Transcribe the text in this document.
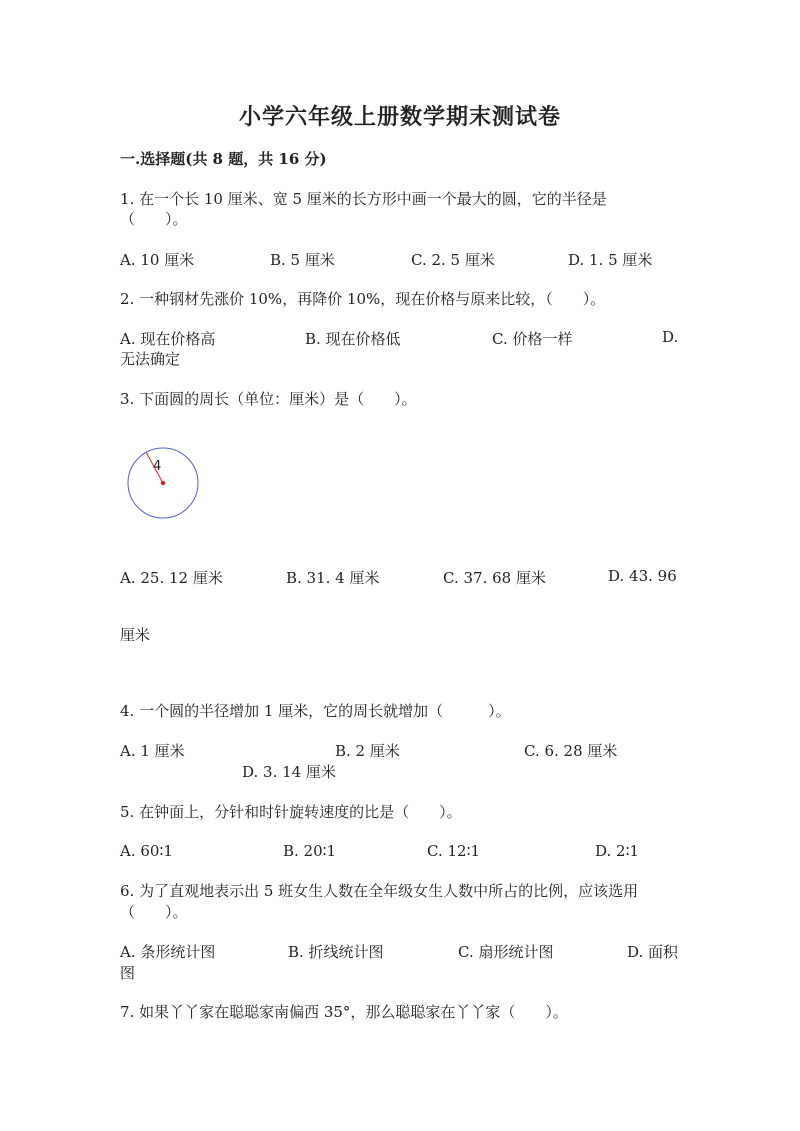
小学六年级上册数学期末测试卷
一.选择题(共 8 题，共 16 分)
1. 在一个长 10 厘米、宽 5 厘米的长方形中画一个最大的圆，它的半径是
（　　）。
A. 10 厘米	B. 5 厘米	C. 2. 5 厘米	D. 1. 5 厘米
2. 一种钢材先涨价 10%，再降价 10%，现在价格与原来比较，（　　）。
A. 现在价格高	B. 现在价格低	C. 价格一样	D.
无法确定
3. 下面圆的周长（单位：厘米）是（　　）。
4
A. 25. 12 厘米	B. 31. 4 厘米	C. 37. 68 厘米	D. 43. 96
厘米
4. 一个圆的半径增加 1 厘米，它的周长就增加（　　　）。
A. 1 厘米	B. 2 厘米	C. 6. 28 厘米
D. 3. 14 厘米
5. 在钟面上，分针和时针旋转速度的比是（　　）。
A. 60∶1	B. 20∶1	C. 12∶1	D. 2∶1
6. 为了直观地表示出 5 班女生人数在全年级女生人数中所占的比例，应该选用
（　　）。
A. 条形统计图	B. 折线统计图	C. 扇形统计图	D. 面积
图
7. 如果丫丫家在聪聪家南偏西 35°，那么聪聪家在丫丫家（　　）。
